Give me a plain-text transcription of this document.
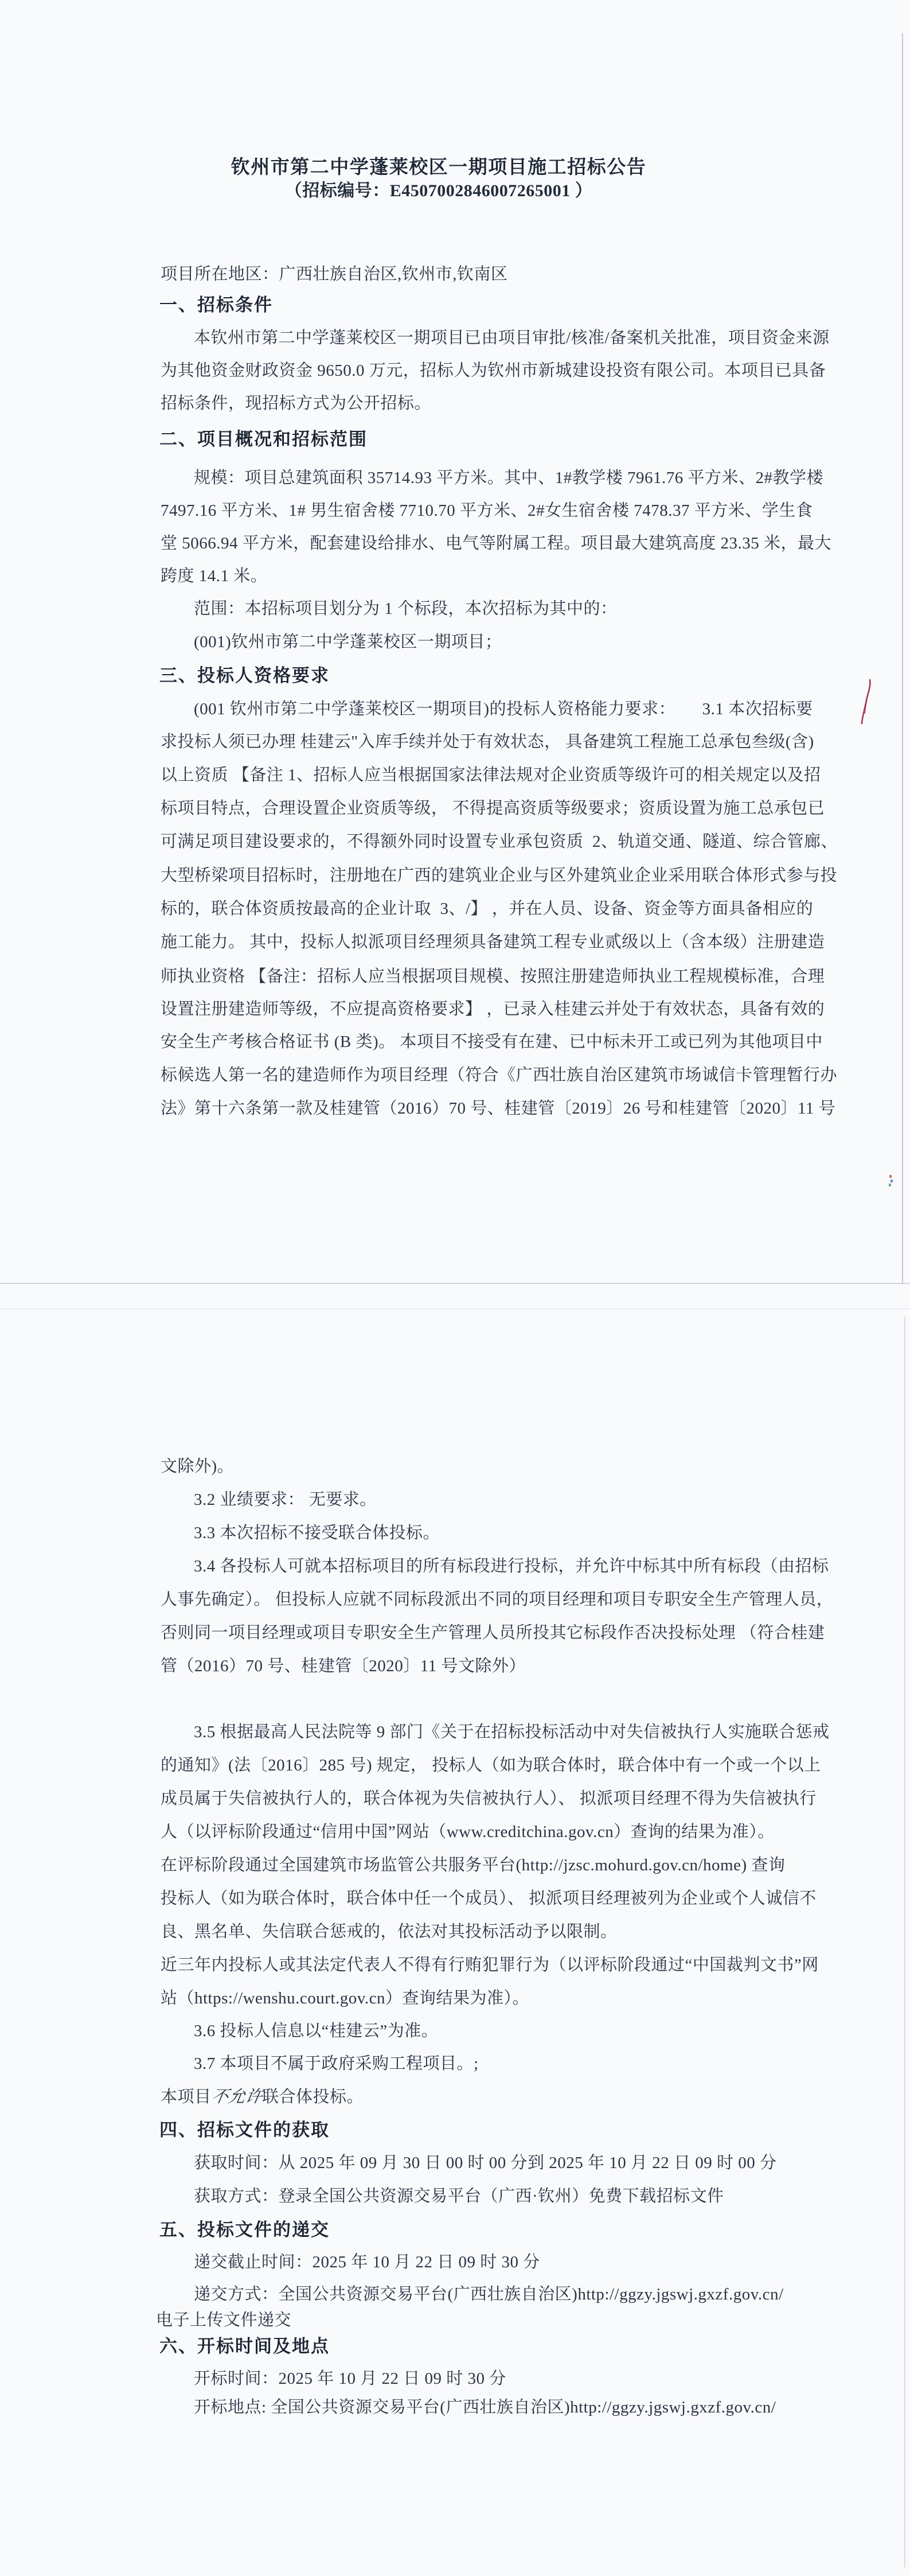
钦州市第二中学蓬莱校区一期项目施工招标公告
（招标编号：E4507002846007265001 ）
项目所在地区：广西壮族自治区,钦州市,钦南区
一、招标条件
本钦州市第二中学蓬莱校区一期项目已由项目审批/核准/备案机关批准，项目资金来源
为其他资金财政资金 9650.0 万元，招标人为钦州市新城建设投资有限公司。本项目已具备
招标条件，现招标方式为公开招标。
二、项目概况和招标范围
规模：项目总建筑面积 35714.93 平方米。其中、1#教学楼 7961.76 平方米、2#教学楼
7497.16 平方米、1# 男生宿舍楼 7710.70 平方米、2#女生宿舍楼 7478.37 平方米、学生食
堂 5066.94 平方米，配套建设给排水、电气等附属工程。项目最大建筑高度 23.35 米，最大
跨度 14.1 米。
范围：本招标项目划分为 1 个标段，本次招标为其中的：
(001)钦州市第二中学蓬莱校区一期项目；
三、投标人资格要求
(001 钦州市第二中学蓬莱校区一期项目)的投标人资格能力要求：      3.1 本次招标要
求投标人须已办理 桂建云"入库手续并处于有效状态， 具备建筑工程施工总承包叁级(含)
以上资质 【备注 1、招标人应当根据国家法律法规对企业资质等级许可的相关规定以及招
标项目特点，合理设置企业资质等级， 不得提高资质等级要求；资质设置为施工总承包已
可满足项目建设要求的，不得额外同时设置专业承包资质  2、轨道交通、隧道、综合管廊、
大型桥梁项目招标时，注册地在广西的建筑业企业与区外建筑业企业采用联合体形式参与投
标的，联合体资质按最高的企业计取  3、/】 ，并在人员、设备、资金等方面具备相应的
施工能力。 其中，投标人拟派项目经理须具备建筑工程专业贰级以上（含本级）注册建造
师执业资格 【备注：招标人应当根据项目规模、按照注册建造师执业工程规模标准，合理
设置注册建造师等级，不应提高资格要求】 ，已录入桂建云并处于有效状态，具备有效的
安全生产考核合格证书 (B 类)。 本项目不接受有在建、已中标未开工或已列为其他项目中
标候选人第一名的建造师作为项目经理（符合《广西壮族自治区建筑市场诚信卡管理暂行办
法》第十六条第一款及桂建管（2016）70 号、桂建管〔2019〕26 号和桂建管〔2020〕11 号
文除外)。
3.2 业绩要求： 无要求。
3.3 本次招标不接受联合体投标。
3.4 各投标人可就本招标项目的所有标段进行投标，并允许中标其中所有标段（由招标
人事先确定）。 但投标人应就不同标段派出不同的项目经理和项目专职安全生产管理人员，
否则同一项目经理或项目专职安全生产管理人员所投其它标段作否决投标处理 （符合桂建
管（2016）70 号、桂建管〔2020〕11 号文除外）
3.5 根据最高人民法院等 9 部门《关于在招标投标活动中对失信被执行人实施联合惩戒
的通知》(法〔2016〕285 号) 规定， 投标人（如为联合体时，联合体中有一个或一个以上
成员属于失信被执行人的，联合体视为失信被执行人）、 拟派项目经理不得为失信被执行
人（以评标阶段通过“信用中国”网站（www.creditchina.gov.cn）查询的结果为准）。
在评标阶段通过全国建筑市场监管公共服务平台(http://jzsc.mohurd.gov.cn/home) 查询
投标人（如为联合体时，联合体中任一个成员）、 拟派项目经理被列为企业或个人诚信不
良、黑名单、失信联合惩戒的，依法对其投标活动予以限制。
近三年内投标人或其法定代表人不得有行贿犯罪行为（以评标阶段通过“中国裁判文书”网
站（https://wenshu.court.gov.cn）查询结果为准）。
3.6 投标人信息以“桂建云”为准。
3.7 本项目不属于政府采购工程项目。;
本项目不允许联合体投标。
四、招标文件的获取
获取时间：从 2025 年 09 月 30 日 00 时 00 分到 2025 年 10 月 22 日 09 时 00 分
获取方式：登录全国公共资源交易平台（广西·钦州）免费下载招标文件
五、投标文件的递交
递交截止时间：2025 年 10 月 22 日 09 时 30 分
递交方式：全国公共资源交易平台(广西壮族自治区)http://ggzy.jgswj.gxzf.gov.cn/
电子上传文件递交
六、开标时间及地点
开标时间：2025 年 10 月 22 日 09 时 30 分
开标地点: 全国公共资源交易平台(广西壮族自治区)http://ggzy.jgswj.gxzf.gov.cn/
